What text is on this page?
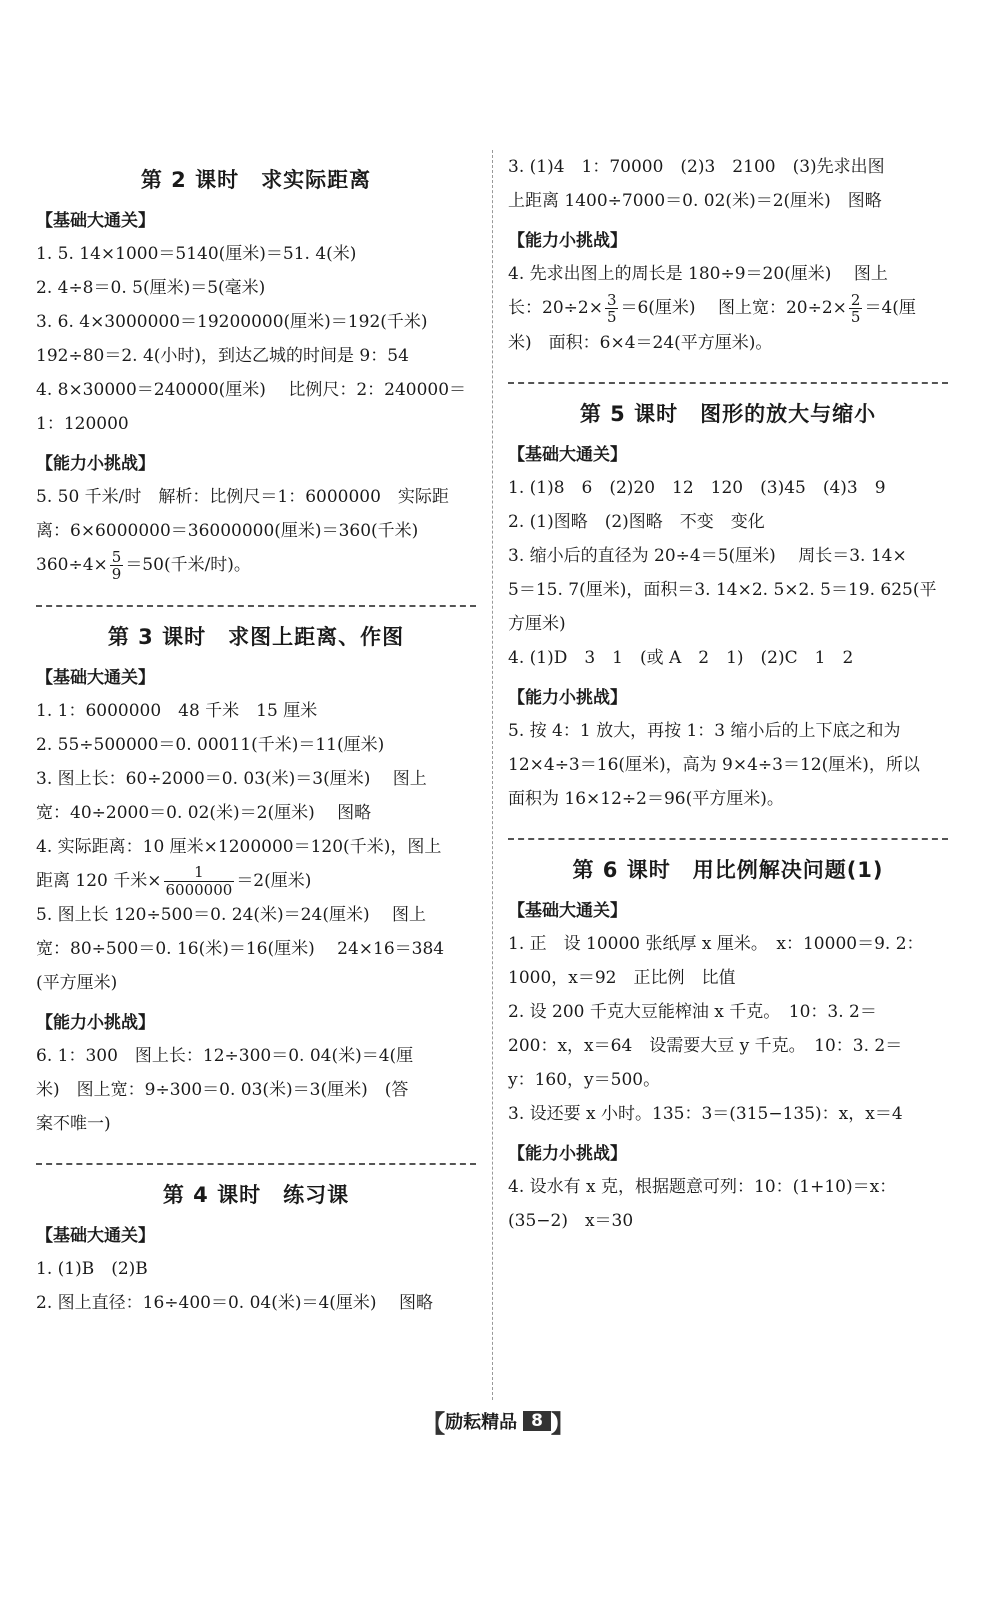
第 2 课时　求实际距离
【基础大通关】

1. 5. 14×1000＝5140(厘米)＝51. 4(米)

2. 4÷8＝0. 5(厘米)＝5(毫米)

3. 6. 4×3000000＝19200000(厘米)＝192(千米)

192÷80＝2. 4(小时)，到达乙城的时间是 9：54

4. 8×30000＝240000(厘米)　 比例尺：2：240000＝

1：120000

【能力小挑战】

5. 50 千米/时　解析：比例尺＝1：6000000　实际距

离：6×6000000＝36000000(厘米)＝360(千米)

$360\div 4\times \frac{5}{9} =50$(千米/时)。

第 3 课时　求图上距离、作图
【基础大通关】

1. 1：6000000　48 千米　15 厘米

2. 55÷500000＝0. 00011(千米)＝11(厘米)

3. 图上长：60÷2000＝0. 03(米)＝3(厘米)　 图上

宽：40÷2000＝0. 02(米)＝2(厘米)　 图略

4. 实际距离：10 厘米×1200000＝120(千米)，图上

距离 120 千米× $\frac{1}{6000000} =2$(厘米)

5. 图上长 120÷500＝0. 24(米)＝24(厘米)　 图上

宽：80÷500＝0. 16(米)＝16(厘米)　 24×16＝384

(平方厘米)

【能力小挑战】

6. 1：300　图上长：12÷300＝0. 04(米)＝4(厘

米)　图上宽：9÷300＝0. 03(米)＝3(厘米)　(答

案不唯一)

第 4 课时　练习课
【基础大通关】

1. (1)B　(2)B

2. 图上直径：16÷400＝0. 04(米)＝4(厘米)　 图略

3. (1)4　1：70000　(2)3　2100　(3)先求出图

上距离 1400÷7000＝0. 02(米)＝2(厘米)　图略

【能力小挑战】

4. 先求出图上的周长是 180÷9＝20(厘米)　 图上

长：$20\div 2\times \frac{3}{5} =6$(厘米)　 图上宽：$20\div 2\times \frac{2}{5} =4$(厘

米)　面积：6×4＝24(平方厘米)。

第 5 课时　图形的放大与缩小
【基础大通关】

1. (1)8　6　(2)20　12　120　(3)45　(4)3　9

2. (1)图略　(2)图略　不变　变化

3. 缩小后的直径为 20÷4＝5(厘米)　 周长＝3. 14×

5＝15. 7(厘米)，面积＝3. 14×2. 5×2. 5＝19. 625(平

方厘米)

4. (1)D　3　1　(或 A　2　1)　(2)C　1　2

【能力小挑战】

5. 按 4：1 放大，再按 1：3 缩小后的上下底之和为

12×4÷3＝16(厘米)，高为 9×4÷3＝12(厘米)，所以

面积为 16×12÷2＝96(平方厘米)。

第 6 课时　用比例解决问题(1)
【基础大通关】

1. 正　设 10000 张纸厚 x 厘米。　x：10000＝9. 2：

1000，x＝92　正比例　比值

2. 设 200 千克大豆能榨油 x 千克。　10：3. 2＝

200：x，x＝64　设需要大豆 y 千克。　10：3. 2＝

y：160，y＝500。

3. 设还要 x 小时。135：3＝(315−135)：x，x＝4

【能力小挑战】

4. 设水有 x 克，根据题意可列：10：(1+10)＝x：

(35−2)　x＝30

【 励耘精品 8 】
